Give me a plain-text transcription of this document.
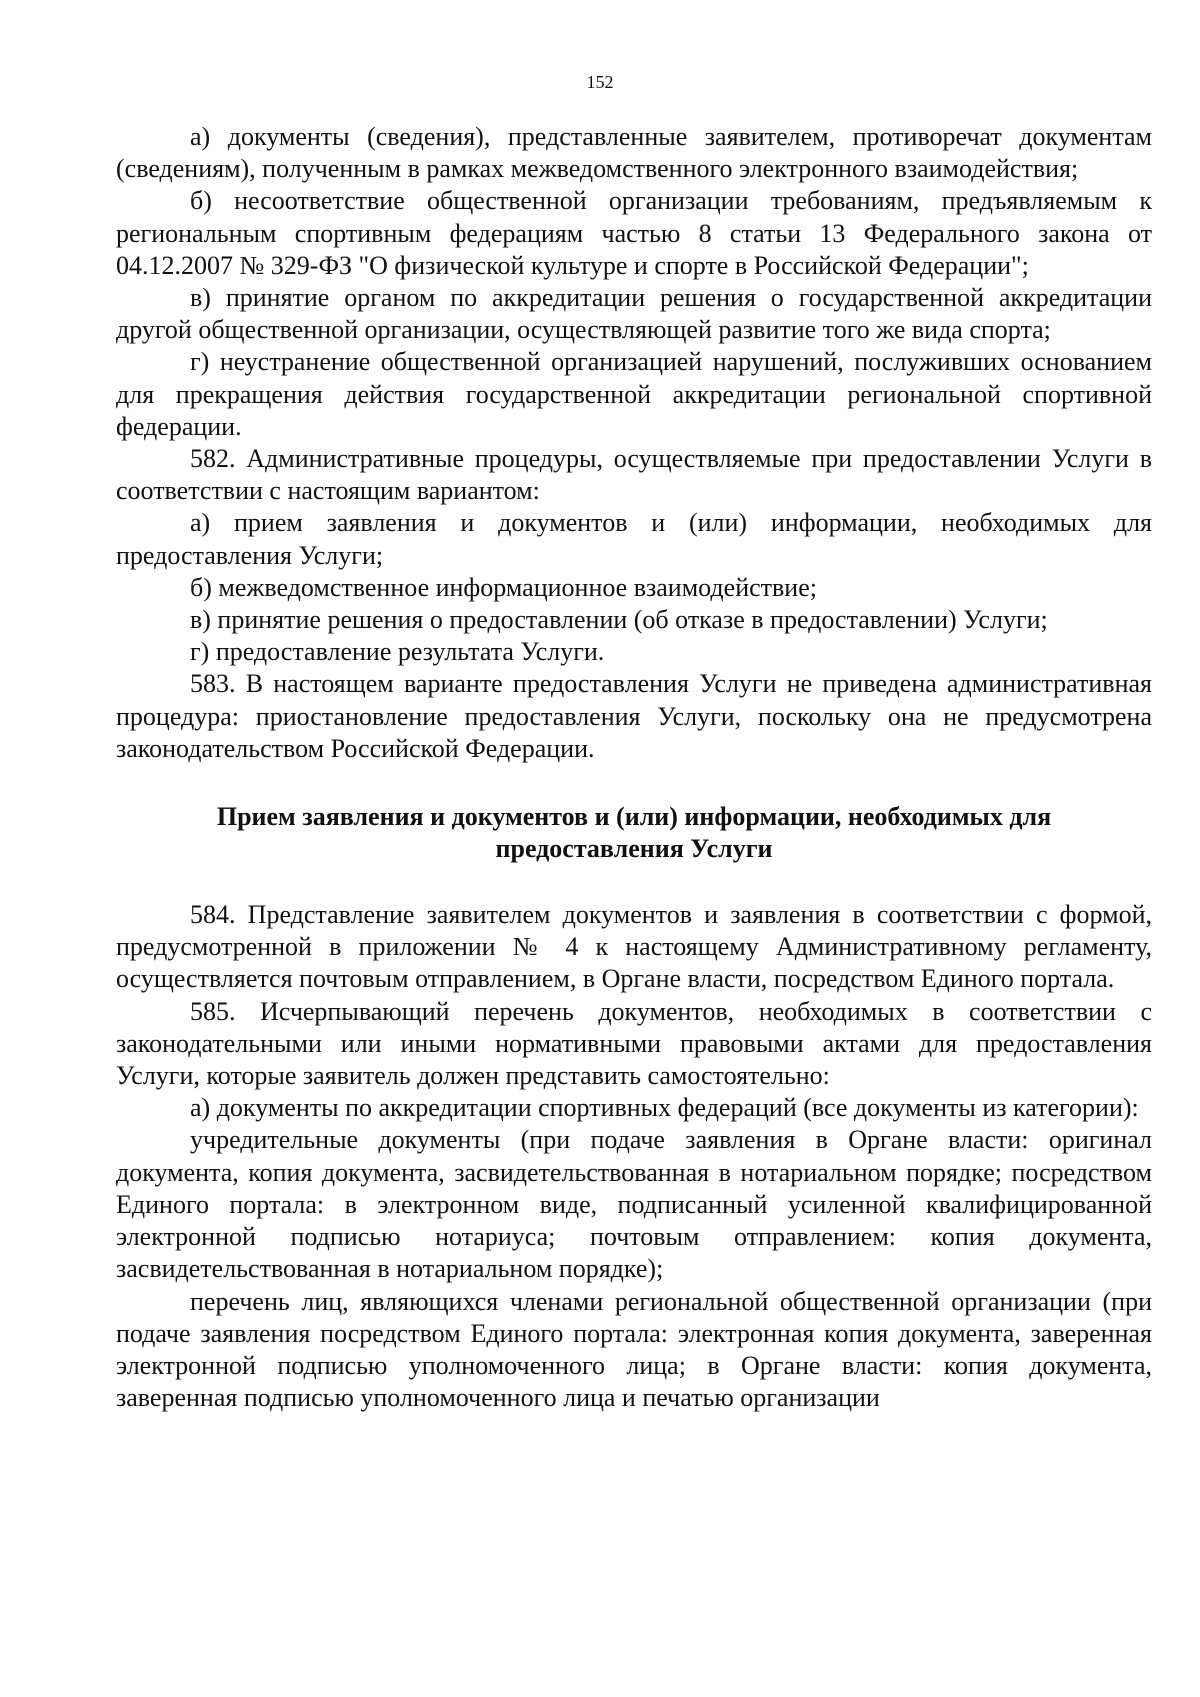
152

а) документы (сведения), представленные заявителем, противоречат документам (сведениям), полученным в рамках межведомственного электронного взаимодействия;

б) несоответствие общественной организации требованиям, предъявляемым к региональным спортивным федерациям частью 8 статьи 13 Федерального закона от 04.12.2007 № 329-ФЗ "О физической культуре и спорте в Российской Федерации";

в) принятие органом по аккредитации решения о государственной аккредитации другой общественной организации, осуществляющей развитие того же вида спорта;

г) неустранение общественной организацией нарушений, послуживших основанием для прекращения действия государственной аккредитации региональной спортивной федерации.

582. Административные процедуры, осуществляемые при предоставлении Услуги в соответствии с настоящим вариантом:

а) прием заявления и документов и (или) информации, необходимых для предоставления Услуги;

б) межведомственное информационное взаимодействие;

в) принятие решения о предоставлении (об отказе в предоставлении) Услуги;

г) предоставление результата Услуги.

583. В настоящем варианте предоставления Услуги не приведена административная процедура: приостановление предоставления Услуги, поскольку она не предусмотрена законодательством Российской Федерации.

Прием заявления и документов и (или) информации, необходимых для предоставления Услуги

584. Представление заявителем документов и заявления в соответствии с формой, предусмотренной в приложении № 4 к настоящему Административному регламенту, осуществляется почтовым отправлением, в Органе власти, посредством Единого портала.

585. Исчерпывающий перечень документов, необходимых в соответствии с законодательными или иными нормативными правовыми актами для предоставления Услуги, которые заявитель должен представить самостоятельно:

а) документы по аккредитации спортивных федераций (все документы из категории):

учредительные документы (при подаче заявления в Органе власти: оригинал документа, копия документа, засвидетельствованная в нотариальном порядке; посредством Единого портала: в электронном виде, подписанный усиленной квалифицированной электронной подписью нотариуса; почтовым отправлением: копия документа, засвидетельствованная в нотариальном порядке);

перечень лиц, являющихся членами региональной общественной организации (при подаче заявления посредством Единого портала: электронная копия документа, заверенная электронной подписью уполномоченного лица; в Органе власти: копия документа, заверенная подписью уполномоченного лица и печатью организации
